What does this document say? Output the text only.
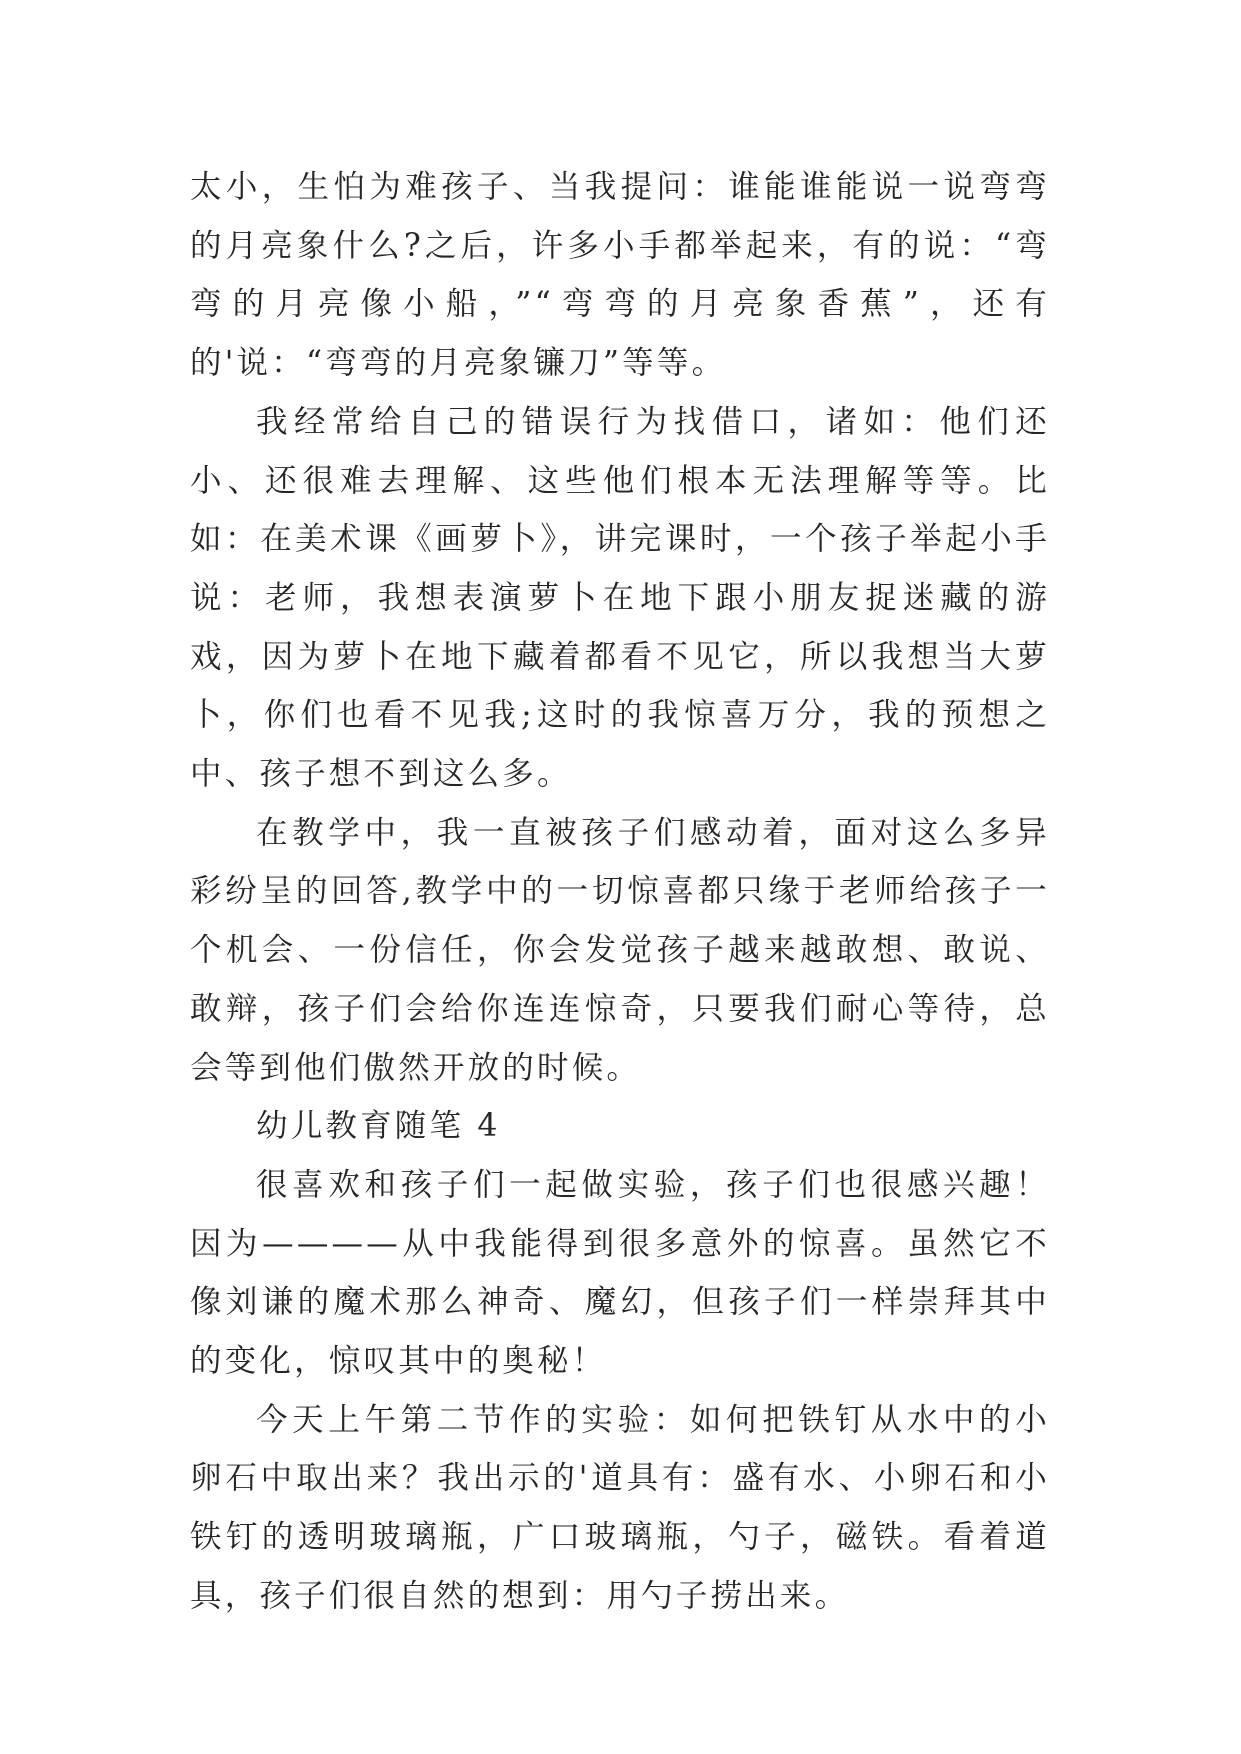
太小，生怕为难孩子、当我提问：谁能谁能说一说弯弯的月亮象什么?之后，许多小手都举起来，有的说：“弯弯的月亮像小船，”“弯弯的月亮象香蕉”，还有的'说：“弯弯的月亮象镰刀”等等。

我经常给自己的错误行为找借口，诸如：他们还小、还很难去理解、这些他们根本无法理解等等。比如：在美术课《画萝卜》，讲完课时，一个孩子举起小手说：老师，我想表演萝卜在地下跟小朋友捉迷藏的游戏，因为萝卜在地下藏着都看不见它，所以我想当大萝卜，你们也看不见我;这时的我惊喜万分，我的预想之中、孩子想不到这么多。

在教学中，我一直被孩子们感动着，面对这么多异彩纷呈的回答,教学中的一切惊喜都只缘于老师给孩子一个机会、一份信任，你会发觉孩子越来越敢想、敢说、敢辩，孩子们会给你连连惊奇，只要我们耐心等待，总会等到他们傲然开放的时候。

幼儿教育随笔 4

很喜欢和孩子们一起做实验，孩子们也很感兴趣！因为————从中我能得到很多意外的惊喜。虽然它不像刘谦的魔术那么神奇、魔幻，但孩子们一样崇拜其中的变化，惊叹其中的奥秘！

今天上午第二节作的实验：如何把铁钉从水中的小卵石中取出来？我出示的'道具有：盛有水、小卵石和小铁钉的透明玻璃瓶，广口玻璃瓶，勺子，磁铁。看着道具，孩子们很自然的想到：用勺子捞出来。
